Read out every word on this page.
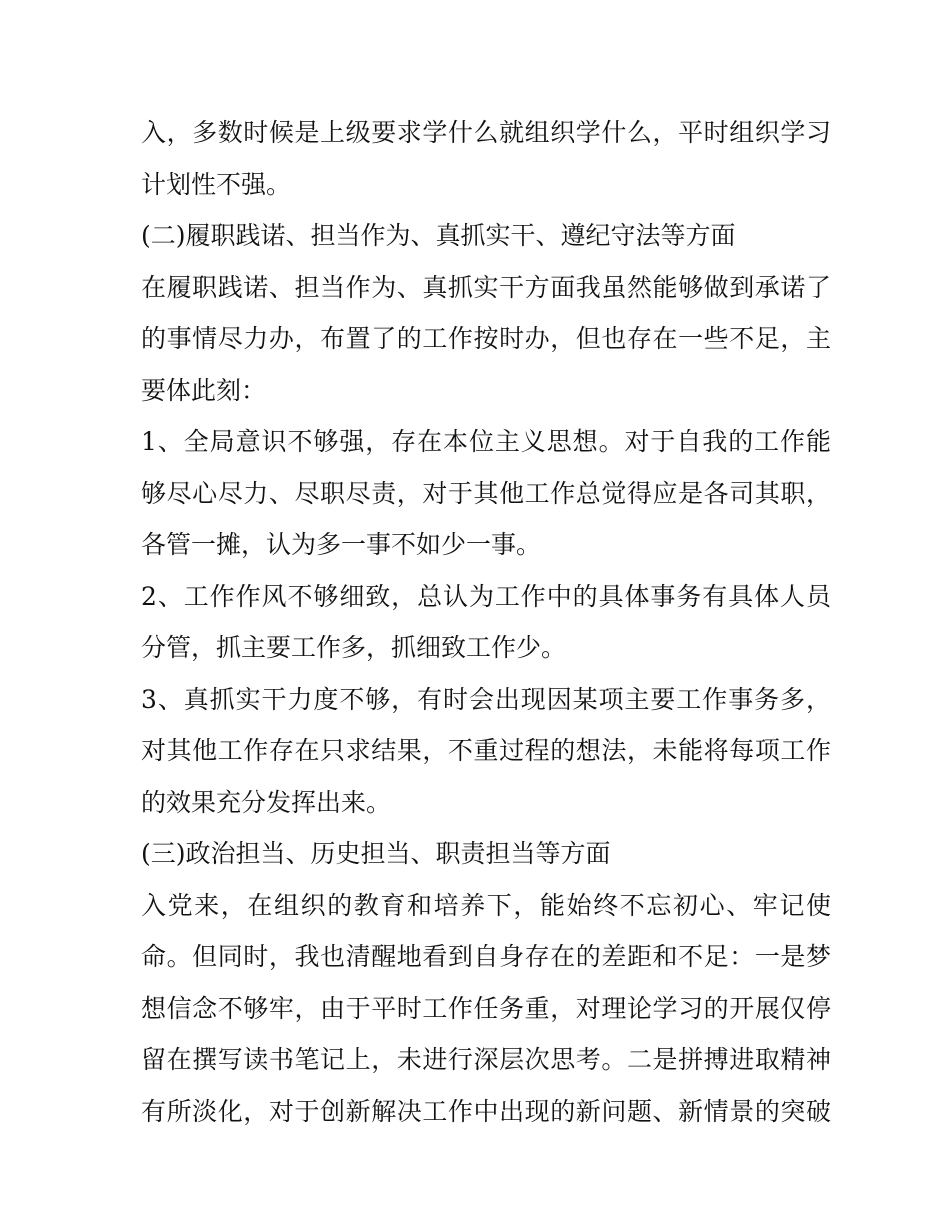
入，多数时候是上级要求学什么就组织学什么，平时组织学习
计划性不强。
(二)履职践诺、担当作为、真抓实干、遵纪守法等方面
在履职践诺、担当作为、真抓实干方面我虽然能够做到承诺了
的事情尽力办，布置了的工作按时办，但也存在一些不足，主
要体此刻：
1、全局意识不够强，存在本位主义思想。对于自我的工作能
够尽心尽力、尽职尽责，对于其他工作总觉得应是各司其职，
各管一摊，认为多一事不如少一事。
2、工作作风不够细致，总认为工作中的具体事务有具体人员
分管，抓主要工作多，抓细致工作少。
3、真抓实干力度不够，有时会出现因某项主要工作事务多，
对其他工作存在只求结果，不重过程的想法，未能将每项工作
的效果充分发挥出来。
(三)政治担当、历史担当、职责担当等方面
入党来，在组织的教育和培养下，能始终不忘初心、牢记使
命。但同时，我也清醒地看到自身存在的差距和不足：一是梦
想信念不够牢，由于平时工作任务重，对理论学习的开展仅停
留在撰写读书笔记上，未进行深层次思考。二是拼搏进取精神
有所淡化，对于创新解决工作中出现的新问题、新情景的突破
